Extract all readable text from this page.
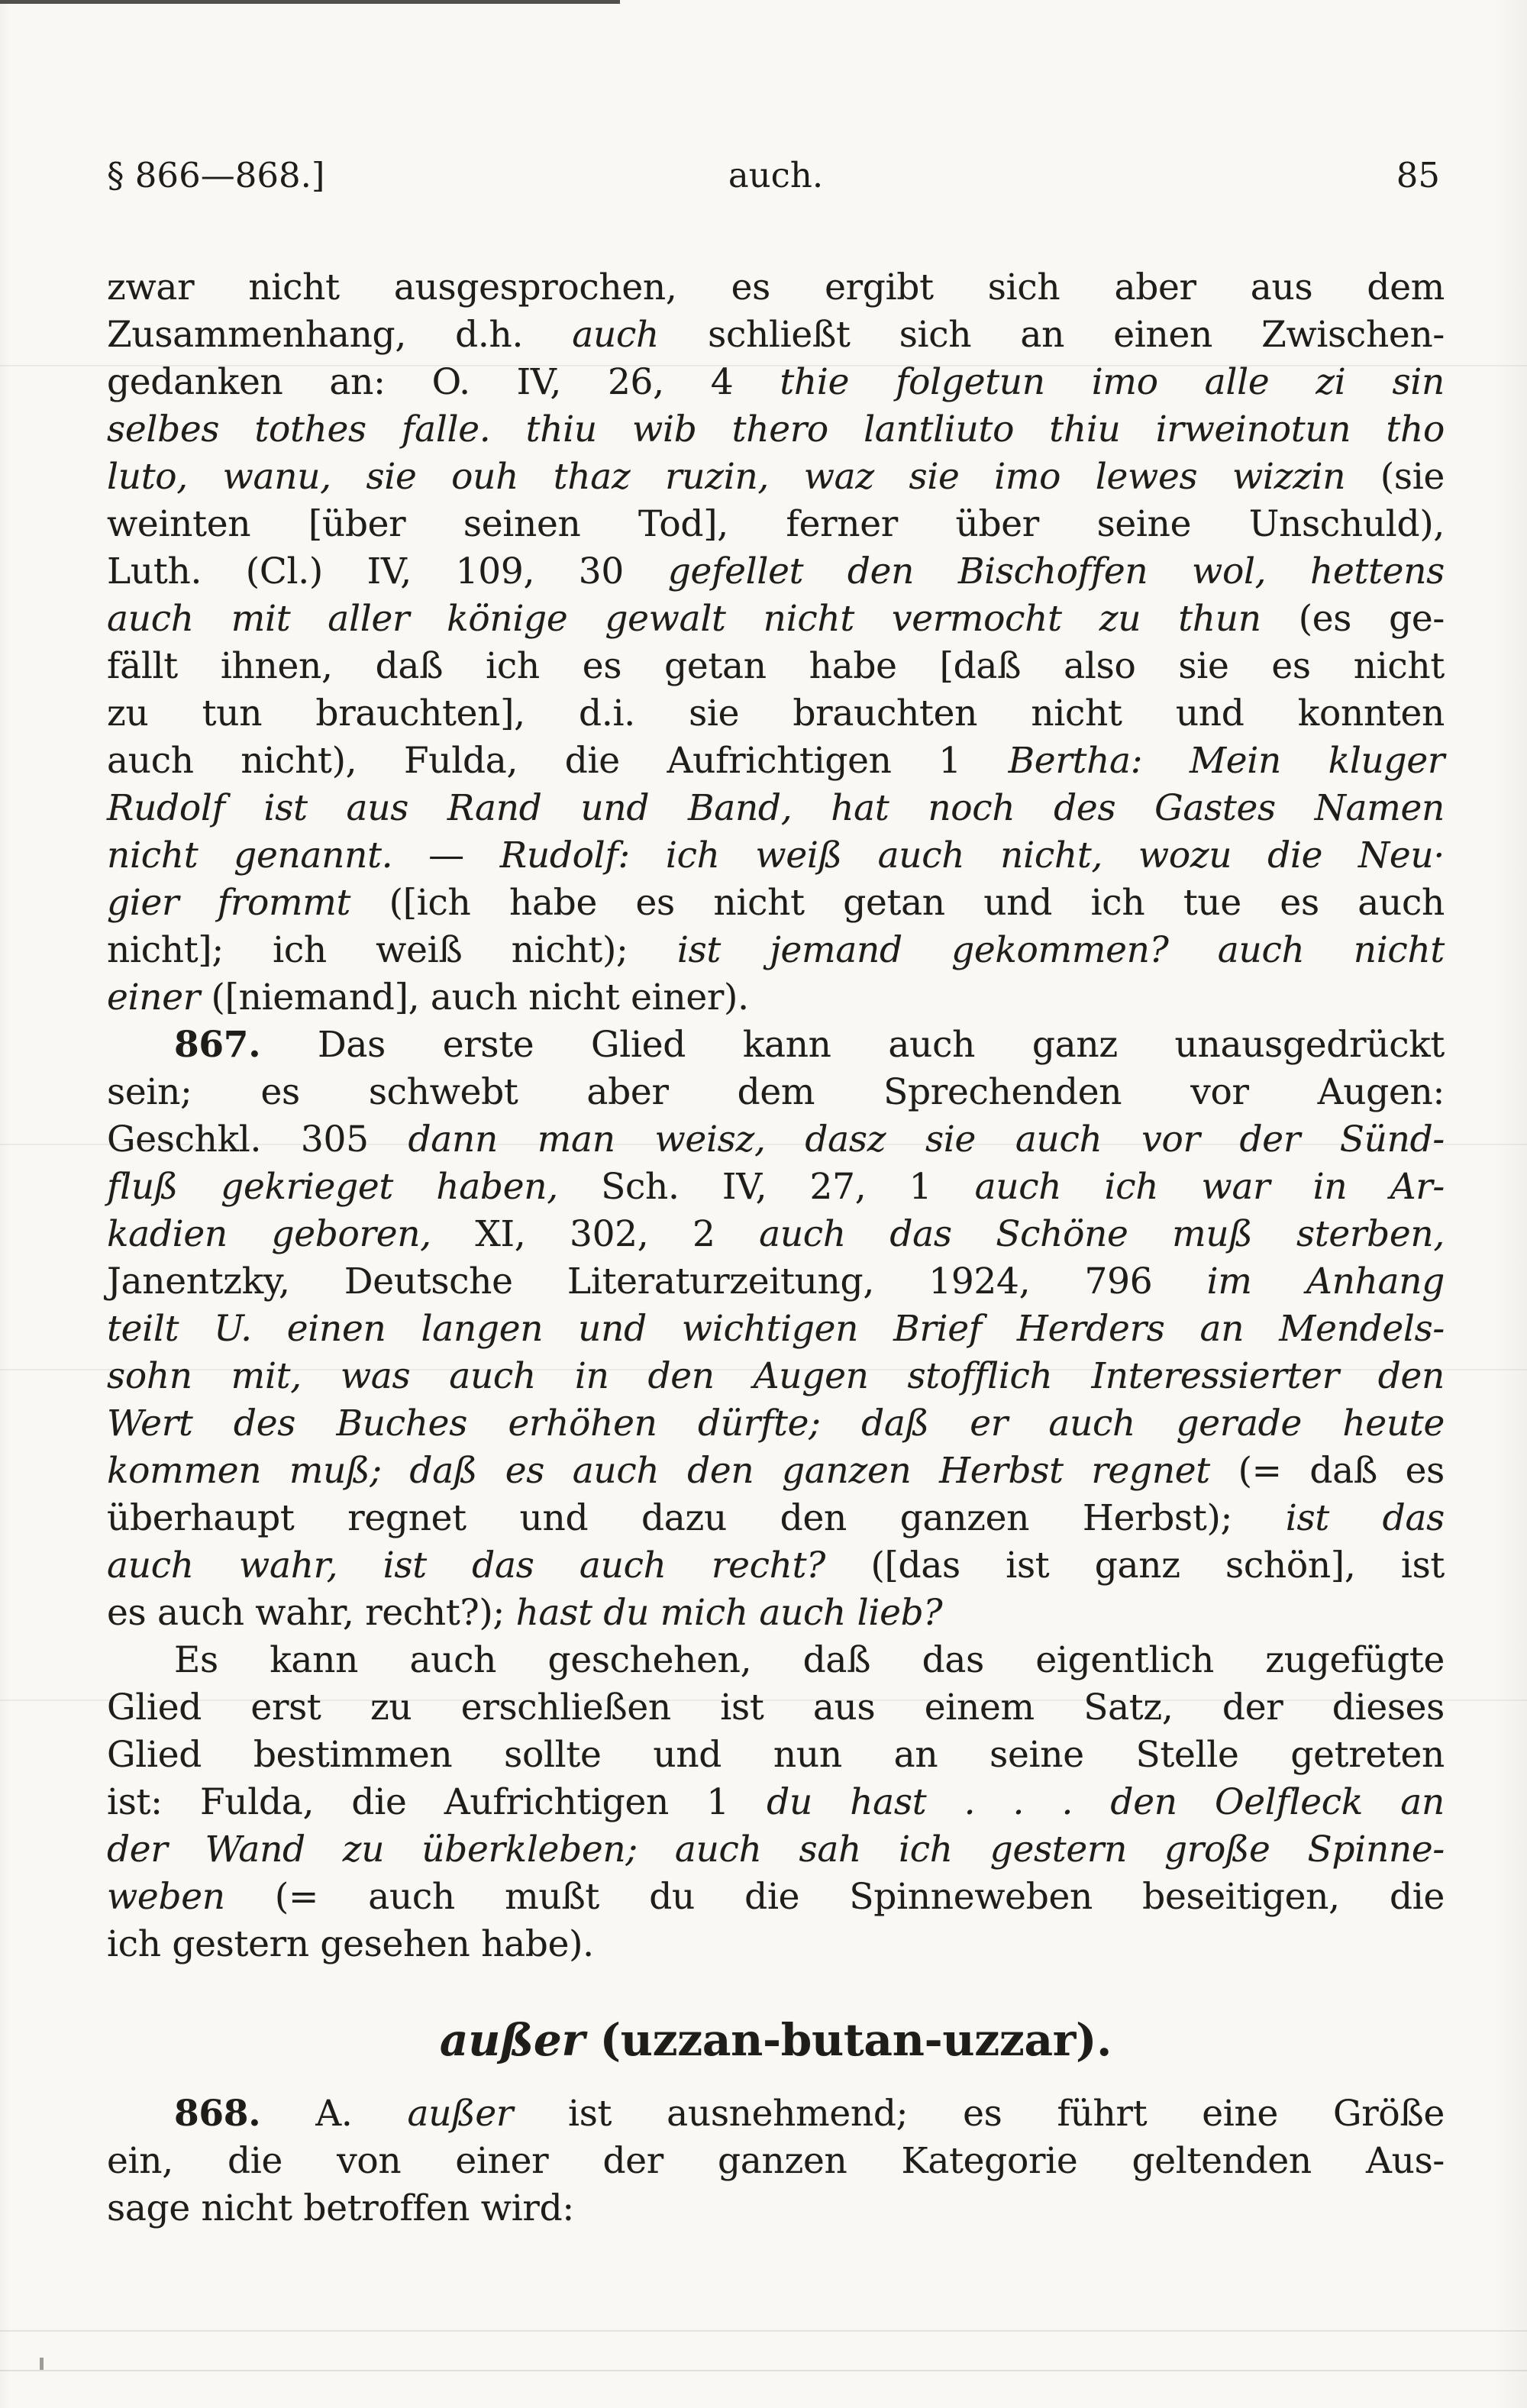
§ 866—868.]	auch.	85
zwar nicht ausgesprochen, es ergibt sich aber aus dem
Zusammenhang, d.h. auch schließt sich an einen Zwischen-
gedanken an: O. IV, 26, 4 thie folgetun imo alle zi sin
selbes tothes falle. thiu wib thero lantliuto thiu irweinotun tho
luto, wanu, sie ouh thaz ruzin, waz sie imo lewes wizzin (sie
weinten [über seinen Tod], ferner über seine Unschuld),
Luth. (Cl.) IV, 109, 30 gefellet den Bischoffen wol, hettens
auch mit aller könige gewalt nicht vermocht zu thun (es ge-
fällt ihnen, daß ich es getan habe [daß also sie es nicht
zu tun brauchten], d.i. sie brauchten nicht und konnten
auch nicht), Fulda, die Aufrichtigen 1 Bertha: Mein kluger
Rudolf ist aus Rand und Band, hat noch des Gastes Namen
nicht genannt. — Rudolf: ich weiß auch nicht, wozu die Neu·
gier frommt ([ich habe es nicht getan und ich tue es auch
nicht]; ich weiß nicht); ist jemand gekommen? auch nicht
einer ([niemand], auch nicht einer).
867. Das erste Glied kann auch ganz unausgedrückt
sein; es schwebt aber dem Sprechenden vor Augen:
Geschkl. 305 dann man weisz, dasz sie auch vor der Sünd-
fluß gekrieget haben, Sch. IV, 27, 1 auch ich war in Ar-
kadien geboren, XI, 302, 2 auch das Schöne muß sterben,
Janentzky, Deutsche Literaturzeitung, 1924, 796 im Anhang
teilt U. einen langen und wichtigen Brief Herders an Mendels-
sohn mit, was auch in den Augen stofflich Interessierter den
Wert des Buches erhöhen dürfte; daß er auch gerade heute
kommen muß; daß es auch den ganzen Herbst regnet (= daß es
überhaupt regnet und dazu den ganzen Herbst); ist das
auch wahr, ist das auch recht? ([das ist ganz schön], ist
es auch wahr, recht?); hast du mich auch lieb?
Es kann auch geschehen, daß das eigentlich zugefügte
Glied erst zu erschließen ist aus einem Satz, der dieses
Glied bestimmen sollte und nun an seine Stelle getreten
ist: Fulda, die Aufrichtigen 1 du hast . . . den Oelfleck an
der Wand zu überkleben; auch sah ich gestern große Spinne-
weben (= auch mußt du die Spinneweben beseitigen, die
ich gestern gesehen habe).
außer (uzzan-butan-uzzar).
868. A. außer ist ausnehmend; es führt eine Größe
ein, die von einer der ganzen Kategorie geltenden Aus-
sage nicht betroffen wird:
